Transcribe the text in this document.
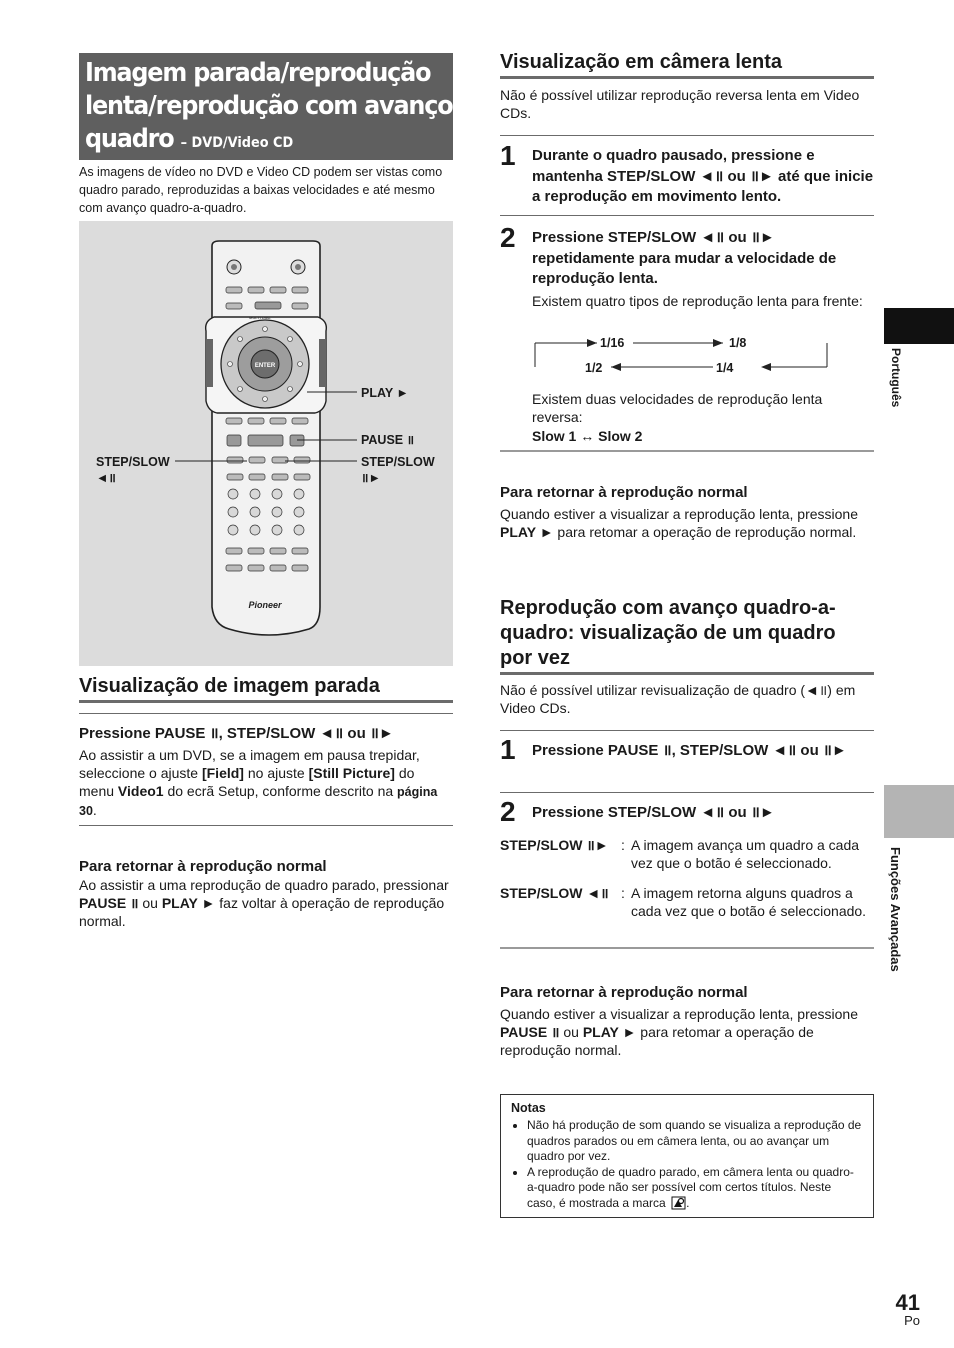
Imagem parada/reprodução
lenta/reprodução com avanço de
quadro – DVD/Video CD
As imagens de vídeo no DVD e Video CD podem ser vistas como quadro parado, reproduzidas a baixas velocidades e até mesmo com avanço quadro-a-quadro.
MULTI DIAL
ENTER
Pioneer
PLAY ►
PAUSE ॥
STEP/SLOW
◄॥
STEP/SLOW
॥►
Visualização de imagem parada
Pressione PAUSE ॥, STEP/SLOW ◄॥ ou ॥►
Ao assistir a um DVD, se a imagem em pausa trepidar, seleccione o ajuste [Field] no ajuste [Still Picture] do menu Video1 do ecrã Setup, conforme descrito na página 30.
Para retornar à reprodução normal
Ao assistir a uma reprodução de quadro parado, pressionar PAUSE ॥ ou PLAY ► faz voltar à operação de reprodução normal.
Visualização em câmera lenta
Não é possível utilizar reprodução reversa lenta em Video CDs.
1 Durante o quadro pausado, pressione e mantenha STEP/SLOW ◄॥ ou ॥► até que inicie a reprodução em movimento lento.
2 Pressione STEP/SLOW ◄॥ ou ॥► repetidamente para mudar a velocidade de reprodução lenta.
Existem quatro tipos de reprodução lenta para frente:
1/16	1/8
1/2	1/4
Existem duas velocidades de reprodução lenta reversa:
Slow 1 ↔ Slow 2
Para retornar à reprodução normal
Quando estiver a visualizar a reprodução lenta, pressione PLAY ► para retomar a operação de reprodução normal.
Reprodução com avanço quadro-a-
quadro: visualização de um quadro
por vez
Não é possível utilizar revisualização de quadro (◄॥) em Video CDs.
1 Pressione PAUSE ॥, STEP/SLOW ◄॥ ou ॥►
2 Pressione STEP/SLOW ◄॥ ou ॥►
STEP/SLOW ॥► : A imagem avança um quadro a cada vez que o botão é seleccionado.
STEP/SLOW ◄॥ : A imagem retorna alguns quadros a cada vez que o botão é seleccionado.
Para retornar à reprodução normal
Quando estiver a visualizar a reprodução lenta, pressione PAUSE ॥ ou PLAY ► para retomar a operação de reprodução normal.
Notas
• Não há produção de som quando se visualiza a reprodução de quadros parados ou em câmera lenta, ou ao avançar um quadro por vez.
• A reprodução de quadro parado, em câmera lenta ou quadro-a-quadro pode não ser possível com certos títulos. Neste caso, é mostrada a marca .
Português
Funções Avançadas
41
Po
